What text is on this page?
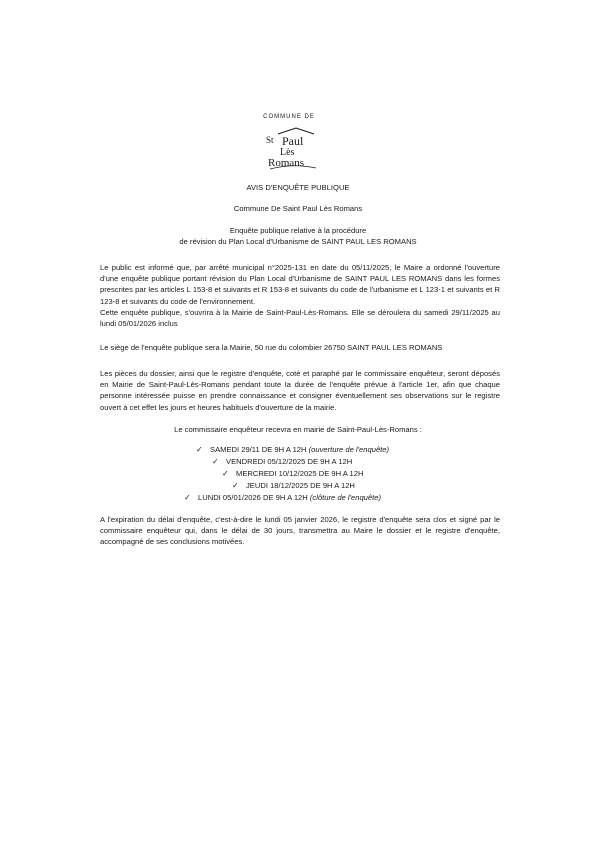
COMMUNE DE
St Paul
Lès
Romans
AVIS D'ENQUÊTE PUBLIQUE
Commune De Saint Paul Lès Romans
Enquête publique relative à la procédure
de révision du Plan Local d'Urbanisme de SAINT PAUL LES ROMANS

Le public est informé que, par arrêté municipal n°2025-131 en date du 05/11/2025, le Maire a ordonné l'ouverture d'une enquête publique portant révision du Plan Local d'Urbanisme de SAINT PAUL LES ROMANS dans les formes prescrites par les articles L 153-8 et suivants et R 153-8 et suivants du code de l'urbanisme et L 123-1 et suivants et R 123-8 et suivants du code de l'environnement.

Cette enquête publique, s'ouvrira à la Mairie de Saint-Paul-Lès-Romans. Elle se déroulera du samedi 29/11/2025 au lundi 05/01/2026 inclus

Le siège de l'enquête publique sera la Mairie, 50 rue du colombier 26750 SAINT PAUL LES ROMANS

Les pièces du dossier, ainsi que le registre d'enquête, coté et paraphé par le commissaire enquêteur, seront déposés en Mairie de Saint-Paul-Lès-Romans pendant toute la durée de l'enquête prévue à l'article 1er, afin que chaque personne intéressée puisse en prendre connaissance et consigner éventuellement ses observations sur le registre ouvert à cet effet les jours et heures habituels d'ouverture de la mairie.

Le commissaire enquêteur recevra en mairie de Saint-Paul-Lès-Romans :
✓ SAMEDI 29/11 DE 9H A 12H (ouverture de l'enquête)
✓ VENDREDI 05/12/2025 DE 9H A 12H
✓ MERCREDI 10/12/2025 DE 9H A 12H
✓ JEUDI 18/12/2025 DE 9H A 12H
✓ LUNDI 05/01/2026 DE 9H A 12H (clôture de l'enquête)

A l'expiration du délai d'enquête, c'est-à-dire le lundi 05 janvier 2026, le registre d'enquête sera clos et signé par le commissaire enquêteur qui, dans le délai de 30 jours, transmettra au Maire le dossier et le registre d'enquête, accompagné de ses conclusions motivées.
